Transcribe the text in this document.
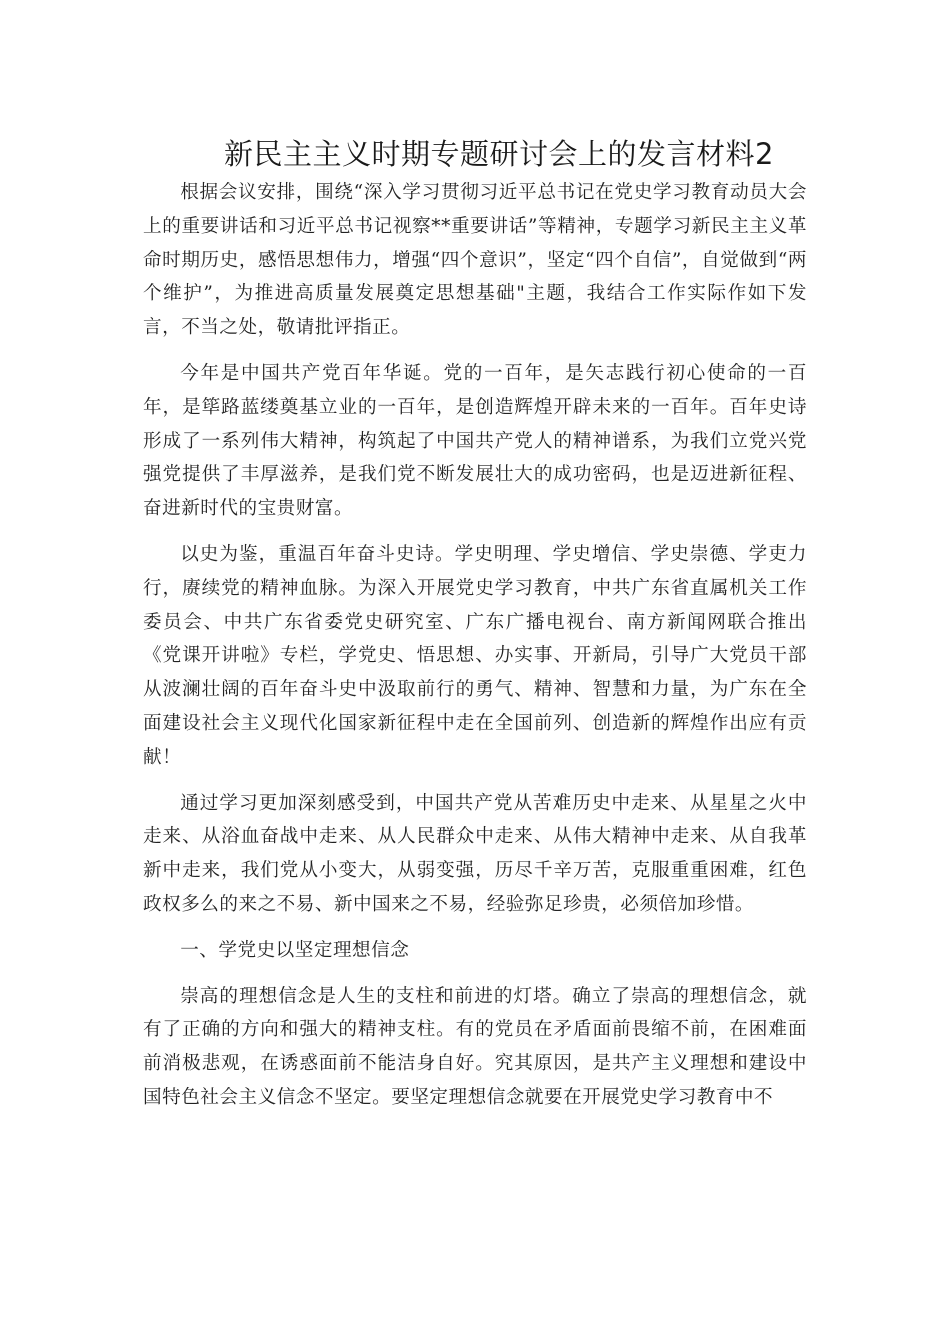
新民主主义时期专题研讨会上的发言材料2

根据会议安排，围绕“深入学习贯彻习近平总书记在党史学习教育动员大会上的重要讲话和习近平总书记视察**重要讲话”等精神，专题学习新民主主义革命时期历史，感悟思想伟力，增强“四个意识”，坚定“四个自信”，自觉做到“两个维护”，为推进高质量发展奠定思想基础"主题，我结合工作实际作如下发言，不当之处，敬请批评指正。

今年是中国共产党百年华诞。党的一百年，是矢志践行初心使命的一百年，是筚路蓝缕奠基立业的一百年，是创造辉煌开辟未来的一百年。百年史诗形成了一系列伟大精神，构筑起了中国共产党人的精神谱系，为我们立党兴党强党提供了丰厚滋养，是我们党不断发展壮大的成功密码，也是迈进新征程、奋进新时代的宝贵财富。

以史为鉴，重温百年奋斗史诗。学史明理、学史增信、学史崇德、学吏力行，赓续党的精神血脉。为深入开展党史学习教育，中共广东省直属机关工作委员会、中共广东省委党史研究室、广东广播电视台、南方新闻网联合推出《党课开讲啦》专栏，学党史、悟思想、办实事、开新局，引导广大党员干部从波澜壮阔的百年奋斗史中汲取前行的勇气、精神、智慧和力量，为广东在全面建设社会主义现代化国家新征程中走在全国前列、创造新的辉煌作出应有贡献！

通过学习更加深刻感受到，中国共产党从苦难历史中走来、从星星之火中走来、从浴血奋战中走来、从人民群众中走来、从伟大精神中走来、从自我革新中走来，我们党从小变大，从弱变强，历尽千辛万苦，克服重重困难，红色政权多么的来之不易、新中国来之不易，经验弥足珍贵，必须倍加珍惜。

一、学党史以坚定理想信念

崇高的理想信念是人生的支柱和前进的灯塔。确立了崇高的理想信念，就有了正确的方向和强大的精神支柱。有的党员在矛盾面前畏缩不前，在困难面前消极悲观，在诱惑面前不能洁身自好。究其原因，是共产主义理想和建设中国特色社会主义信念不坚定。要坚定理想信念就要在开展党史学习教育中不
